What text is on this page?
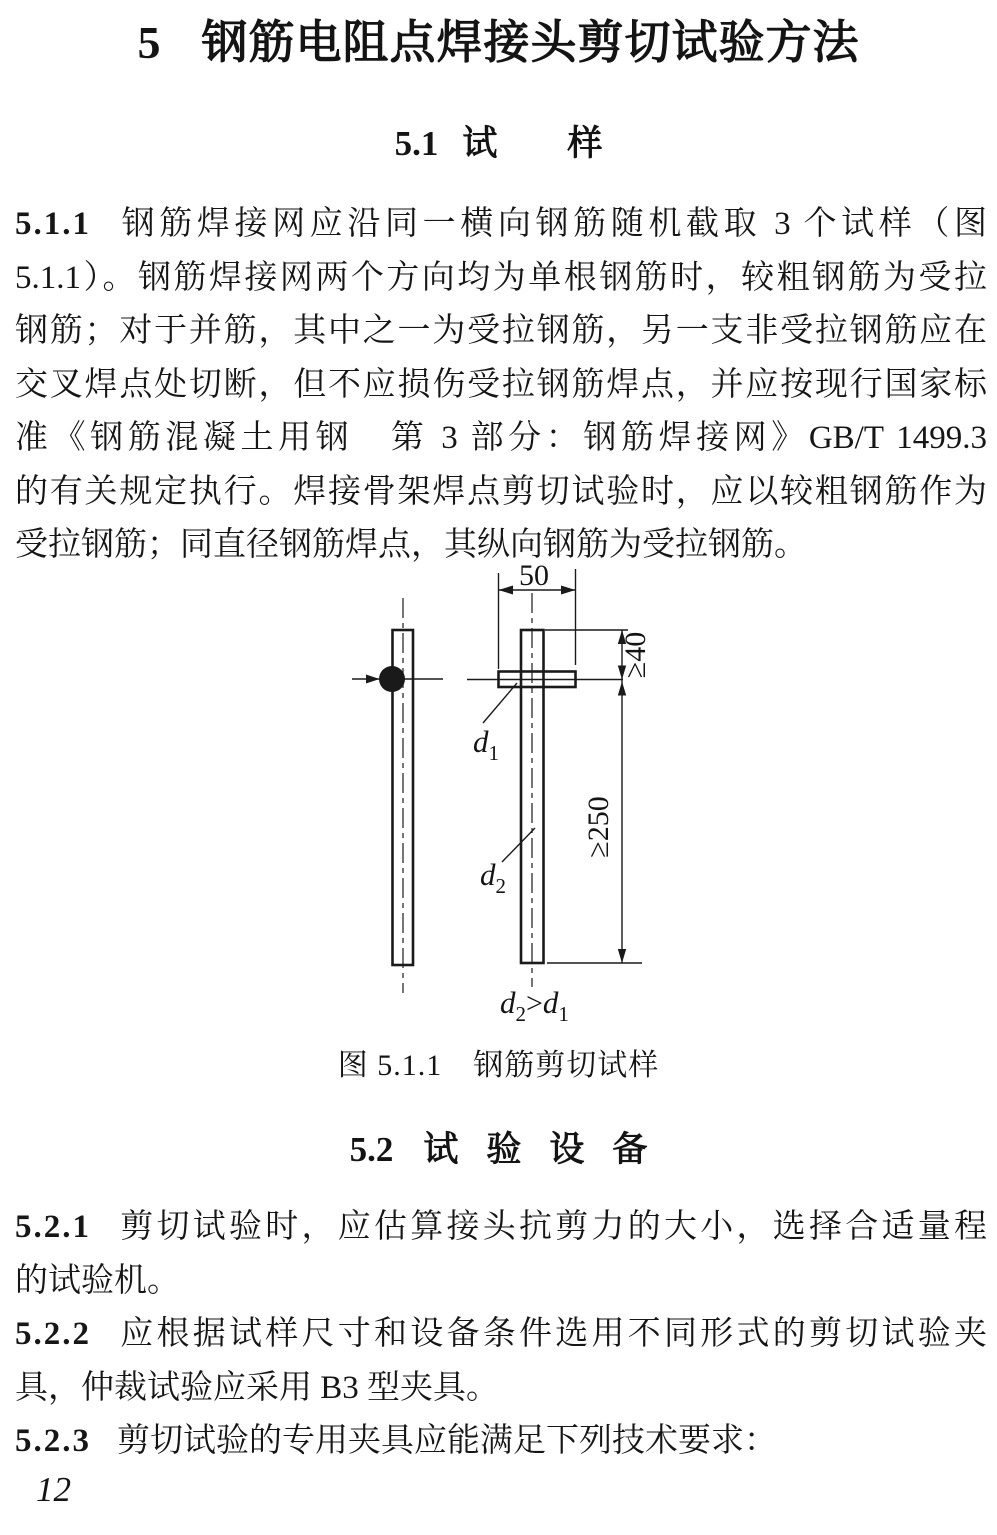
5 钢筋电阻点焊接头剪切试验方法
5.1 试　　样
5.1.1 钢筋焊接网应沿同一横向钢筋随机截取 3 个试样（图
5.1.1）。钢筋焊接网两个方向均为单根钢筋时，较粗钢筋为受拉
钢筋；对于并筋，其中之一为受拉钢筋，另一支非受拉钢筋应在
交叉焊点处切断，但不应损伤受拉钢筋焊点，并应按现行国家标
准《钢筋混凝土用钢　第 3 部分：钢筋焊接网》GB/T 1499.3
的有关规定执行。焊接骨架焊点剪切试验时，应以较粗钢筋作为
受拉钢筋；同直径钢筋焊点，其纵向钢筋为受拉钢筋。
50
≥40
≥250
d1
d2
d2>d1
图 5.1.1　钢筋剪切试样
5.2 试验设备
5.2.1 剪切试验时，应估算接头抗剪力的大小，选择合适量程
的试验机。
5.2.2 应根据试样尺寸和设备条件选用不同形式的剪切试验夹
具，仲裁试验应采用 B3 型夹具。
5.2.3 剪切试验的专用夹具应能满足下列技术要求：
12
